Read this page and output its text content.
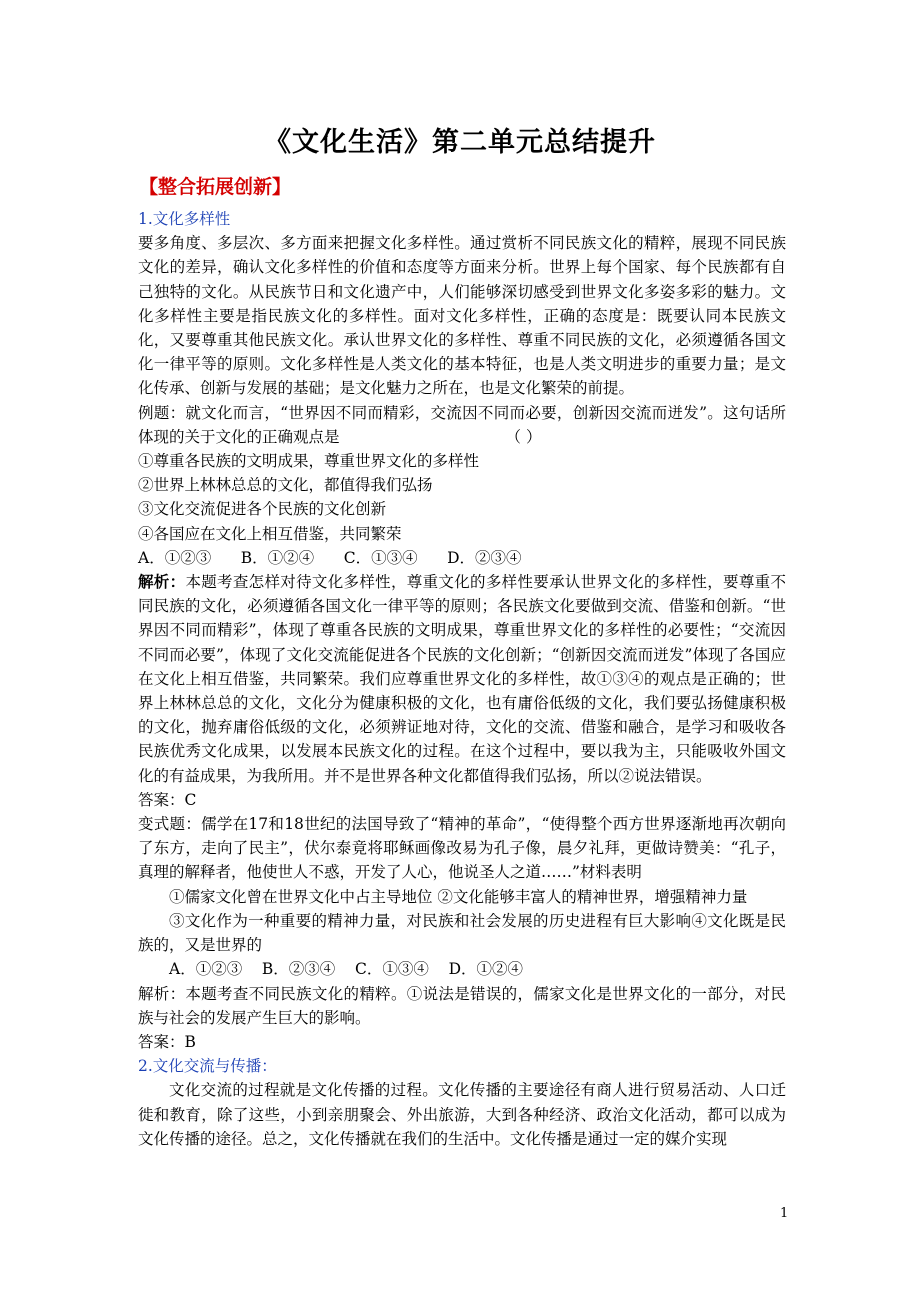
《文化生活》第二单元总结提升
【整合拓展创新】

1.文化多样性

要多角度、多层次、多方面来把握文化多样性。通过赏析不同民族文化的精粹，展现不同民族文化的差异，确认文化多样性的价值和态度等方面来分析。世界上每个国家、每个民族都有自己独特的文化。从民族节日和文化遗产中，人们能够深切感受到世界文化多姿多彩的魅力。文化多样性主要是指民族文化的多样性。面对文化多样性，正确的态度是：既要认同本民族文化，又要尊重其他民族文化。承认世界文化的多样性、尊重不同民族的文化，必须遵循各国文化一律平等的原则。文化多样性是人类文化的基本特征，也是人类文明进步的重要力量；是文化传承、创新与发展的基础；是文化魅力之所在，也是文化繁荣的前提。

例题：就文化而言，“世界因不同而精彩，交流因不同而必要，创新因交流而迸发”。这句话所体现的关于文化的正确观点是	（ ）

①尊重各民族的文明成果，尊重世界文化的多样性

②世界上林林总总的文化，都值得我们弘扬

③文化交流促进各个民族的文化创新

④各国应在文化上相互借鉴，共同繁荣

A．①②③      B．①②④      C．①③④      D．②③④

解析：本题考查怎样对待文化多样性，尊重文化的多样性要承认世界文化的多样性，要尊重不同民族的文化，必须遵循各国文化一律平等的原则；各民族文化要做到交流、借鉴和创新。“世界因不同而精彩”，体现了尊重各民族的文明成果，尊重世界文化的多样性的必要性；“交流因不同而必要”，体现了文化交流能促进各个民族的文化创新；“创新因交流而迸发”体现了各国应在文化上相互借鉴，共同繁荣。我们应尊重世界文化的多样性，故①③④的观点是正确的；世界上林林总总的文化，文化分为健康积极的文化，也有庸俗低级的文化，我们要弘扬健康积极的文化，抛弃庸俗低级的文化，必须辨证地对待，文化的交流、借鉴和融合，是学习和吸收各民族优秀文化成果，以发展本民族文化的过程。在这个过程中，要以我为主，只能吸收外国文化的有益成果，为我所用。并不是世界各种文化都值得我们弘扬，所以②说法错误。

答案：C

变式题：儒学在17和18世纪的法国导致了“精神的革命”，“使得整个西方世界逐渐地再次朝向了东方，走向了民主”，伏尔泰竟将耶稣画像改易为孔子像，晨夕礼拜，更做诗赞美：“孔子，真理的解释者，他使世人不惑，开发了人心，他说圣人之道……”材料表明

①儒家文化曾在世界文化中占主导地位 ②文化能够丰富人的精神世界，增强精神力量

③文化作为一种重要的精神力量，对民族和社会发展的历史进程有巨大影响④文化既是民族的，又是世界的

A．①②③    B．②③④    C．①③④    D．①②④

解析：本题考查不同民族文化的精粹。①说法是错误的，儒家文化是世界文化的一部分，对民族与社会的发展产生巨大的影响。

答案：B

2.文化交流与传播：

文化交流的过程就是文化传播的过程。文化传播的主要途径有商人进行贸易活动、人口迁徙和教育，除了这些，小到亲朋聚会、外出旅游，大到各种经济、政治文化活动，都可以成为文化传播的途径。总之，文化传播就在我们的生活中。文化传播是通过一定的媒介实现

1
